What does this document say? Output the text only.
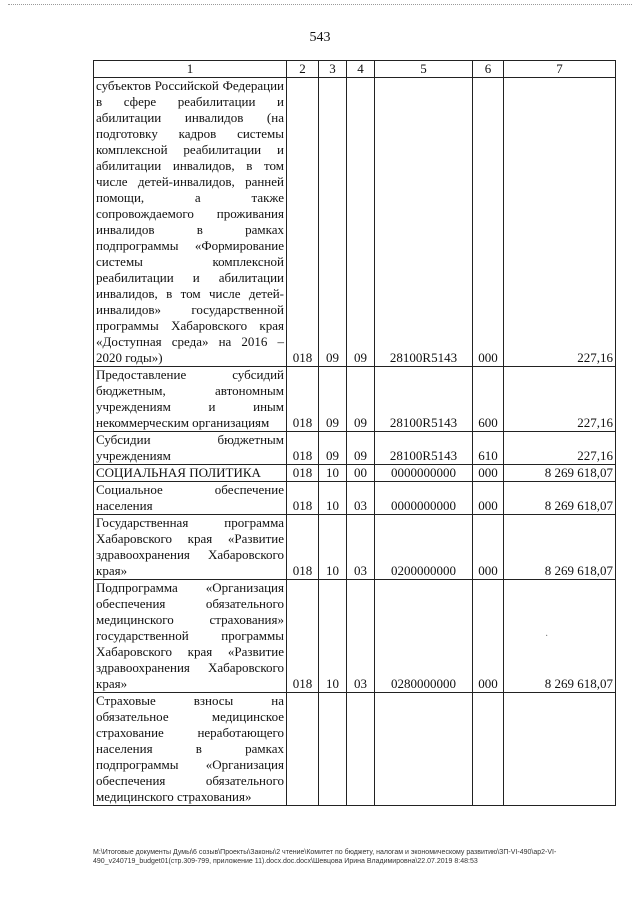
543
1	2	3	4	5	6	7
субъектов Российской Федерации в сфере реабилитации и абилитации инвалидов (на подготовку кадров системы комплексной реабилитации и абилитации инвалидов, в том числе детей-инвалидов, ранней помощи, а также сопровождаемого проживания инвалидов в рамках подпрограммы «Формирование системы комплексной реабилитации и абилитации инвалидов, в том числе детей-инвалидов» государственной программы Хабаровского края «Доступная среда» на 2016 – 2020 годы»)	018	09	09	28100R5143	000	227,16
Предоставление субсидий бюджетным, автономным учреждениям и иным некоммерческим организациям	018	09	09	28100R5143	600	227,16
Субсидии бюджетным учреждениям	018	09	09	28100R5143	610	227,16
СОЦИАЛЬНАЯ ПОЛИТИКА	018	10	00	0000000000	000	8 269 618,07
Социальное обеспечение населения	018	10	03	0000000000	000	8 269 618,07
Государственная программа Хабаровского края «Развитие здравоохранения Хабаровского края»	018	10	03	0200000000	000	8 269 618,07
Подпрограмма «Организация обеспечения обязательного медицинского страхования» государственной программы Хабаровского края «Развитие здравоохранения Хабаровского края»	018	10	03	0280000000	000	8 269 618,07
Страховые взносы на обязательное медицинское страхование неработающего населения в рамках подпрограммы «Организация обеспечения обязательного медицинского страхования»						
·
M:\Итоговые документы Думы\6 созыв\Проекты\Законы\2 чтение\Комитет по бюджету, налогам и экономическому развитию\ЗП-VI-490\ар2-VI-490_v240719_budget01(стр.309-799, приложение 11).docx.doc.docx\Шевцова Ирина Владимировна\22.07.2019 8:48:53
